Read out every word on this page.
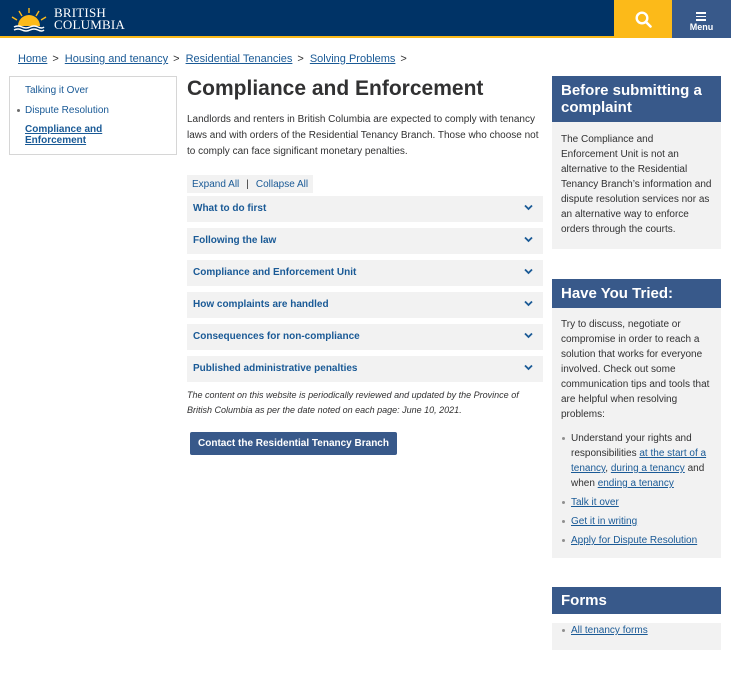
BRITISH
COLUMBIA	Menu
Home > Housing and tenancy > Residential Tenancies > Solving Problems >
Talking it Over
Dispute Resolution
Compliance and
Enforcement
Compliance and Enforcement

Landlords and renters in British Columbia are expected to comply with tenancy laws and with orders of the Residential Tenancy Branch. Those who choose not to comply can face significant monetary penalties.

Expand All | Collapse All
What to do first
Following the law
Compliance and Enforcement Unit
How complaints are handled
Consequences for non-compliance
Published administrative penalties

The content on this website is periodically reviewed and updated by the Province of British Columbia as per the date noted on each page: June 10, 2021.

Contact the Residential Tenancy Branch
Before submitting a complaint
The Compliance and Enforcement Unit is not an alternative to the Residential Tenancy Branch’s information and dispute resolution services nor as an alternative way to enforce orders through the courts.
Have You Tried:

Try to discuss, negotiate or compromise in order to reach a solution that works for everyone involved. Check out some communication tips and tools that are helpful when resolving problems:

Understand your rights and responsibilities at the start of a tenancy, during a tenancy and when ending a tenancy
Talk it over
Get it in writing
Apply for Dispute Resolution
Forms
All tenancy forms
